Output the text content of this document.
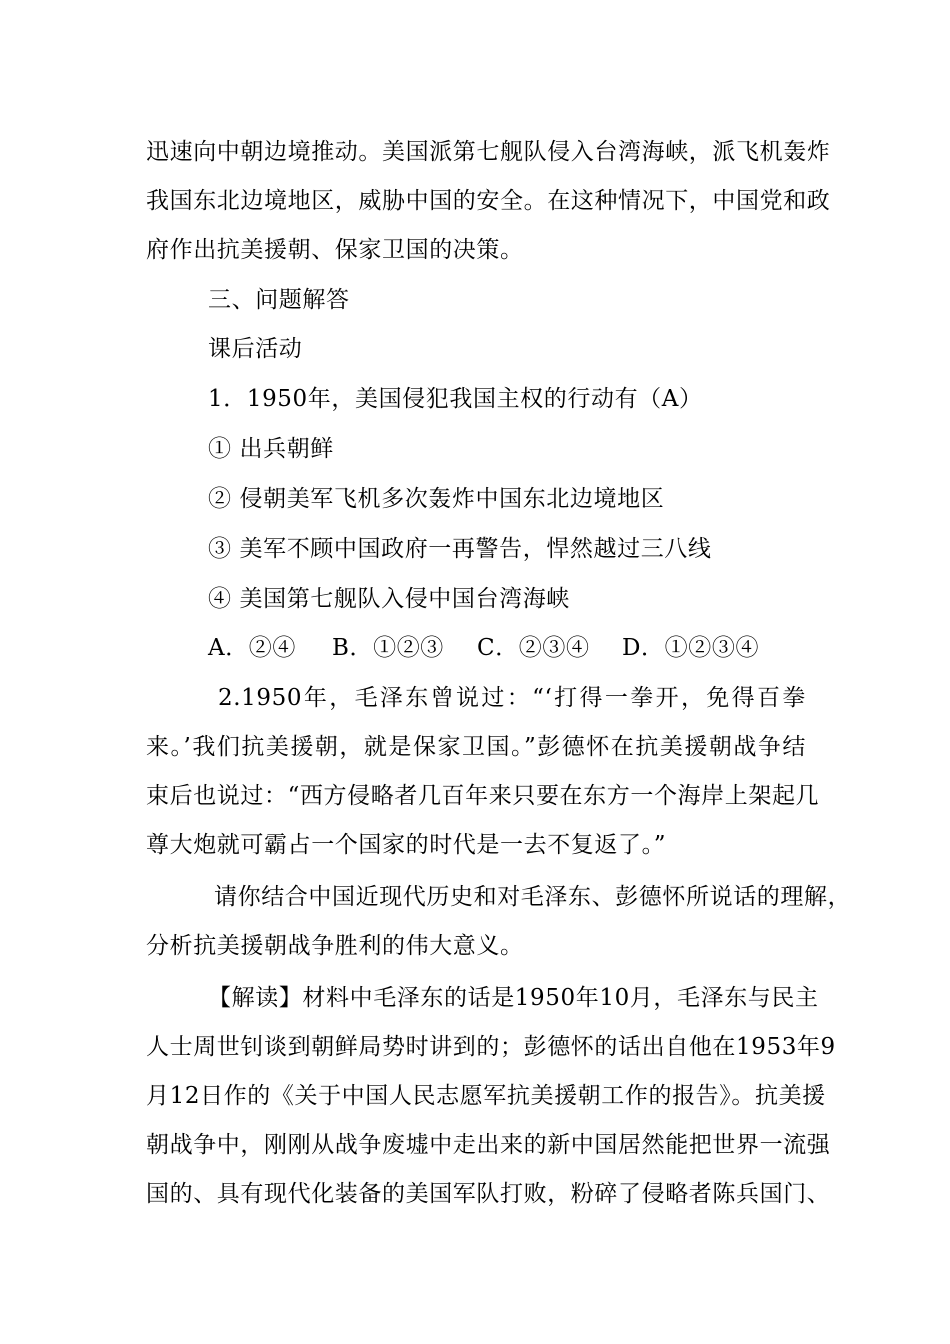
迅速向中朝边境推动。美国派第七舰队侵入台湾海峡，派飞机轰炸
我国东北边境地区，威胁中国的安全。在这种情况下，中国党和政
府作出抗美援朝、保家卫国的决策。
三、问题解答
课后活动
1．1950年，美国侵犯我国主权的行动有（A）
① 出兵朝鲜
② 侵朝美军飞机多次轰炸中国东北边境地区
③ 美军不顾中国政府一再警告，悍然越过三八线
④ 美国第七舰队入侵中国台湾海峡
A．②④ B．①②③ C．②③④ D．①②③④
2.1950年，毛泽东曾说过：“‘打得一拳开，免得百拳
来。’我们抗美援朝，就是保家卫国。”彭德怀在抗美援朝战争结
束后也说过：“西方侵略者几百年来只要在东方一个海岸上架起几
尊大炮就可霸占一个国家的时代是一去不复返了。”
请你结合中国近现代历史和对毛泽东、彭德怀所说话的理解，
分析抗美援朝战争胜利的伟大意义。
【解读】材料中毛泽东的话是1950年10月，毛泽东与民主
人士周世钊谈到朝鲜局势时讲到的；彭德怀的话出自他在1953年9
月12日作的《关于中国人民志愿军抗美援朝工作的报告》。抗美援
朝战争中，刚刚从战争废墟中走出来的新中国居然能把世界一流强
国的、具有现代化装备的美国军队打败，粉碎了侵略者陈兵国门、
